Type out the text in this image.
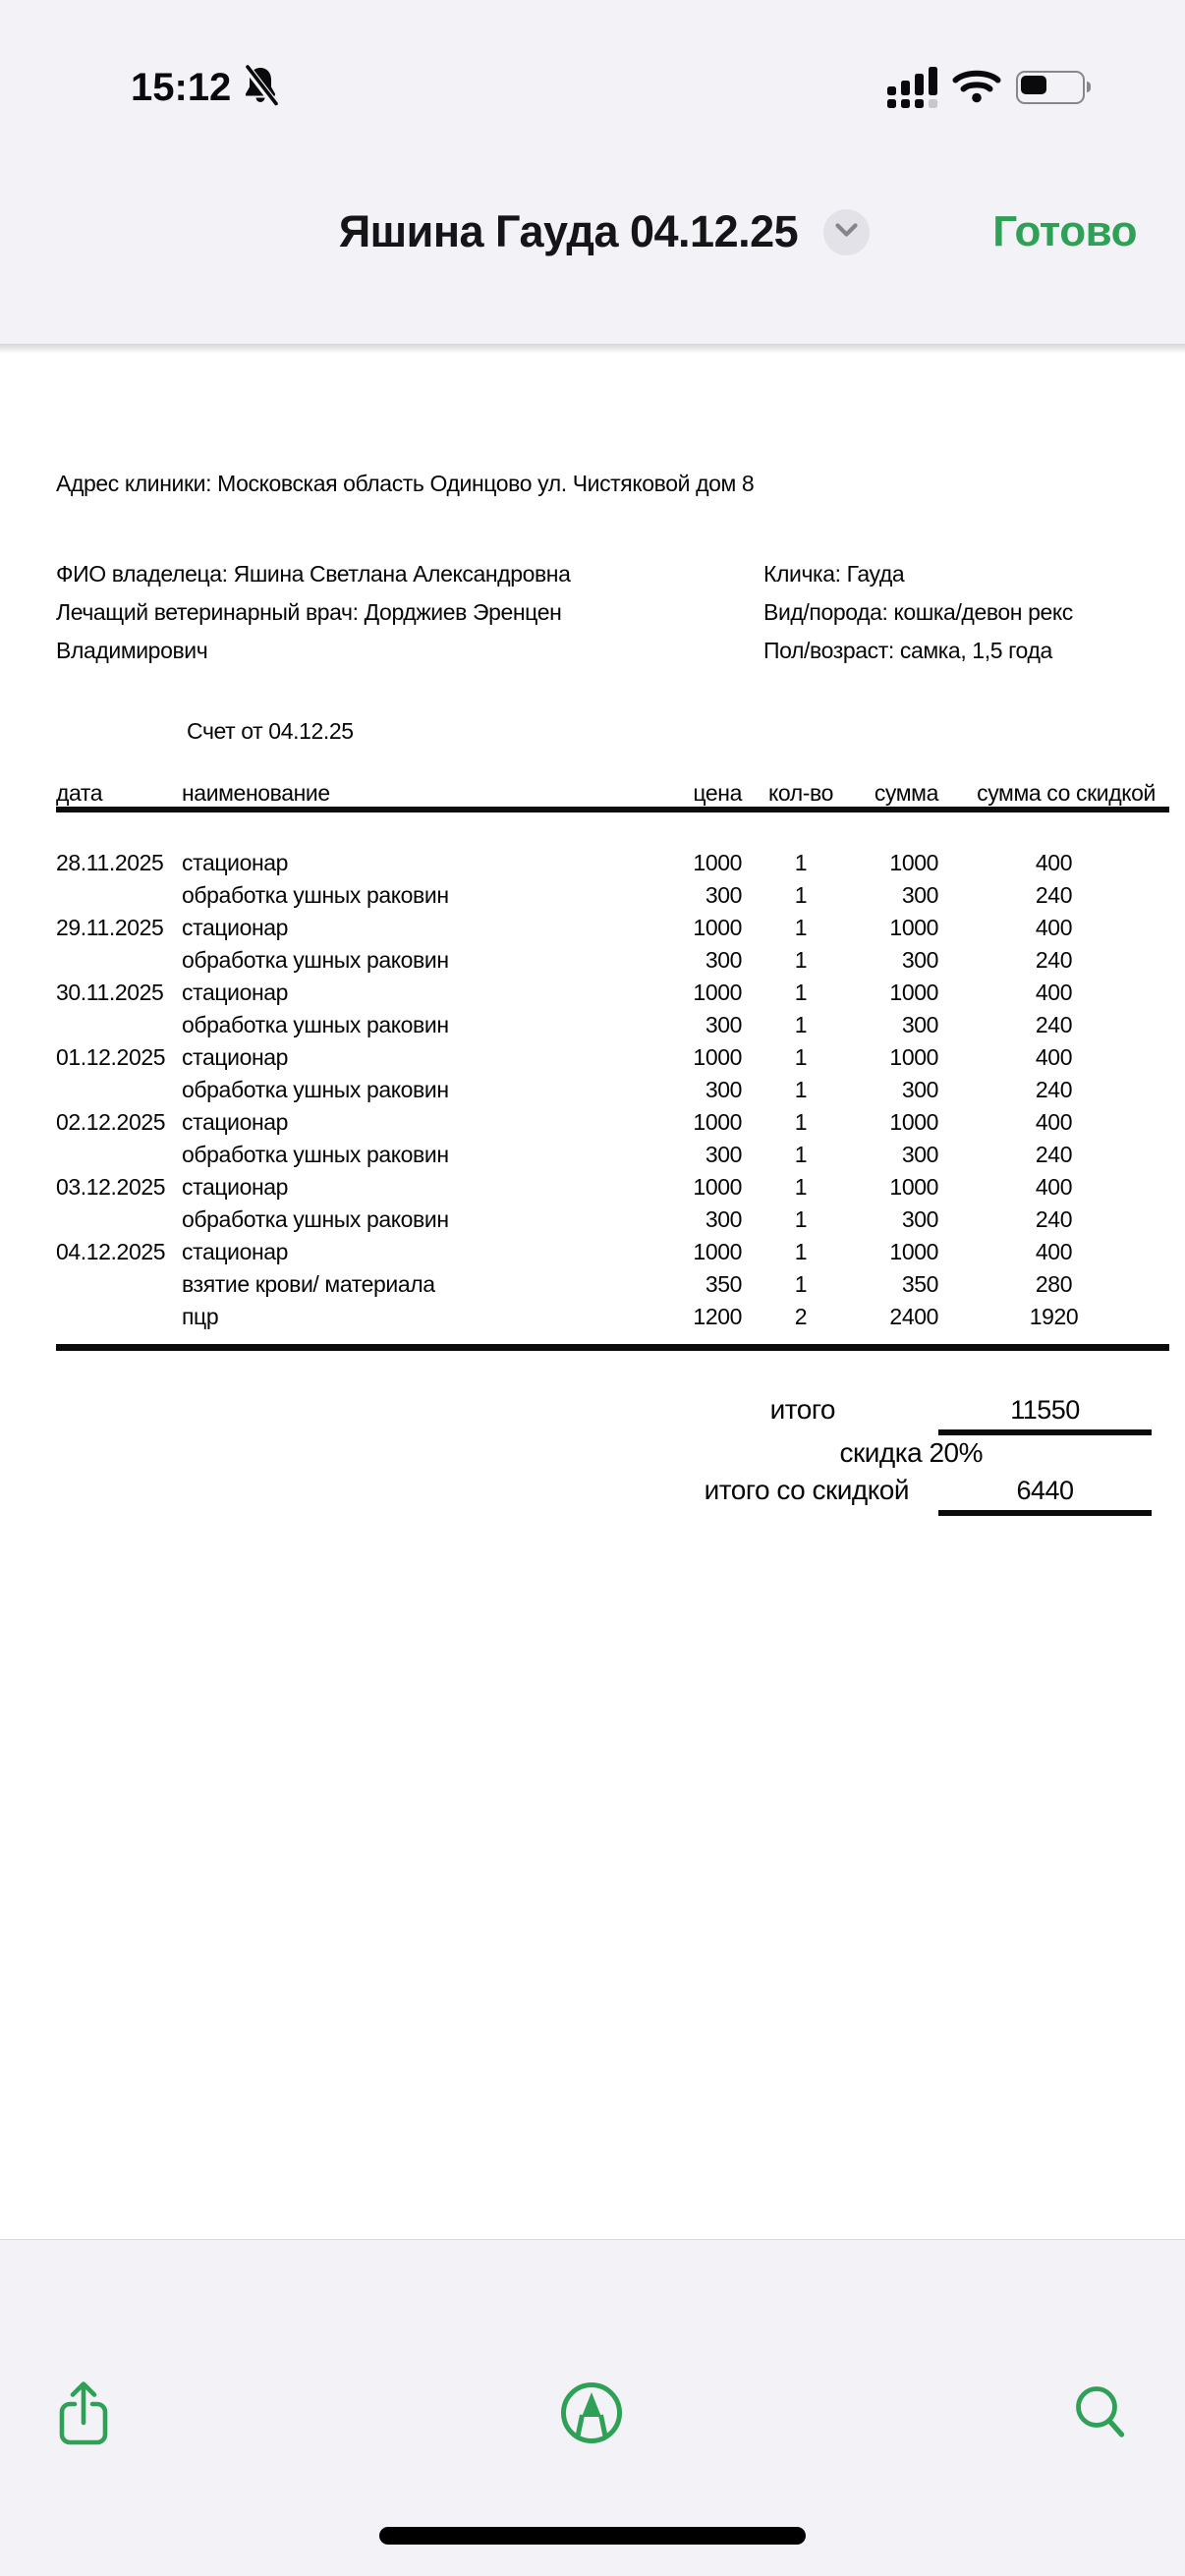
15:12
Яшина Гауда 04.12.25	Готово

Адрес клиники: Московская область Одинцово ул. Чистяковой дом 8

ФИО владелеца: Яшина Светлана Александровна
Лечащий ветеринарный врач: Дорджиев Эренцен
Владимирович
Кличка: Гауда
Вид/порода: кошка/девон рекс
Пол/возраст: самка, 1,5 года

Счет от 04.12.25

дата	наименование	цена	кол-во	сумма	сумма со скидкой
28.11.2025 стационар	1000	1	1000	400
обработка ушных раковин	300	1	300	240
29.11.2025 стационар	1000	1	1000	400
обработка ушных раковин	300	1	300	240
30.11.2025 стационар	1000	1	1000	400
обработка ушных раковин	300	1	300	240
01.12.2025 стационар	1000	1	1000	400
обработка ушных раковин	300	1	300	240
02.12.2025 стационар	1000	1	1000	400
обработка ушных раковин	300	1	300	240
03.12.2025 стационар	1000	1	1000	400
обработка ушных раковин	300	1	300	240
04.12.2025 стационар	1000	1	1000	400
взятие крови/ материала	350	1	350	280
пцр	1200	2	2400	1920
итого	11550
скидка 20%
итого со скидкой	6440
